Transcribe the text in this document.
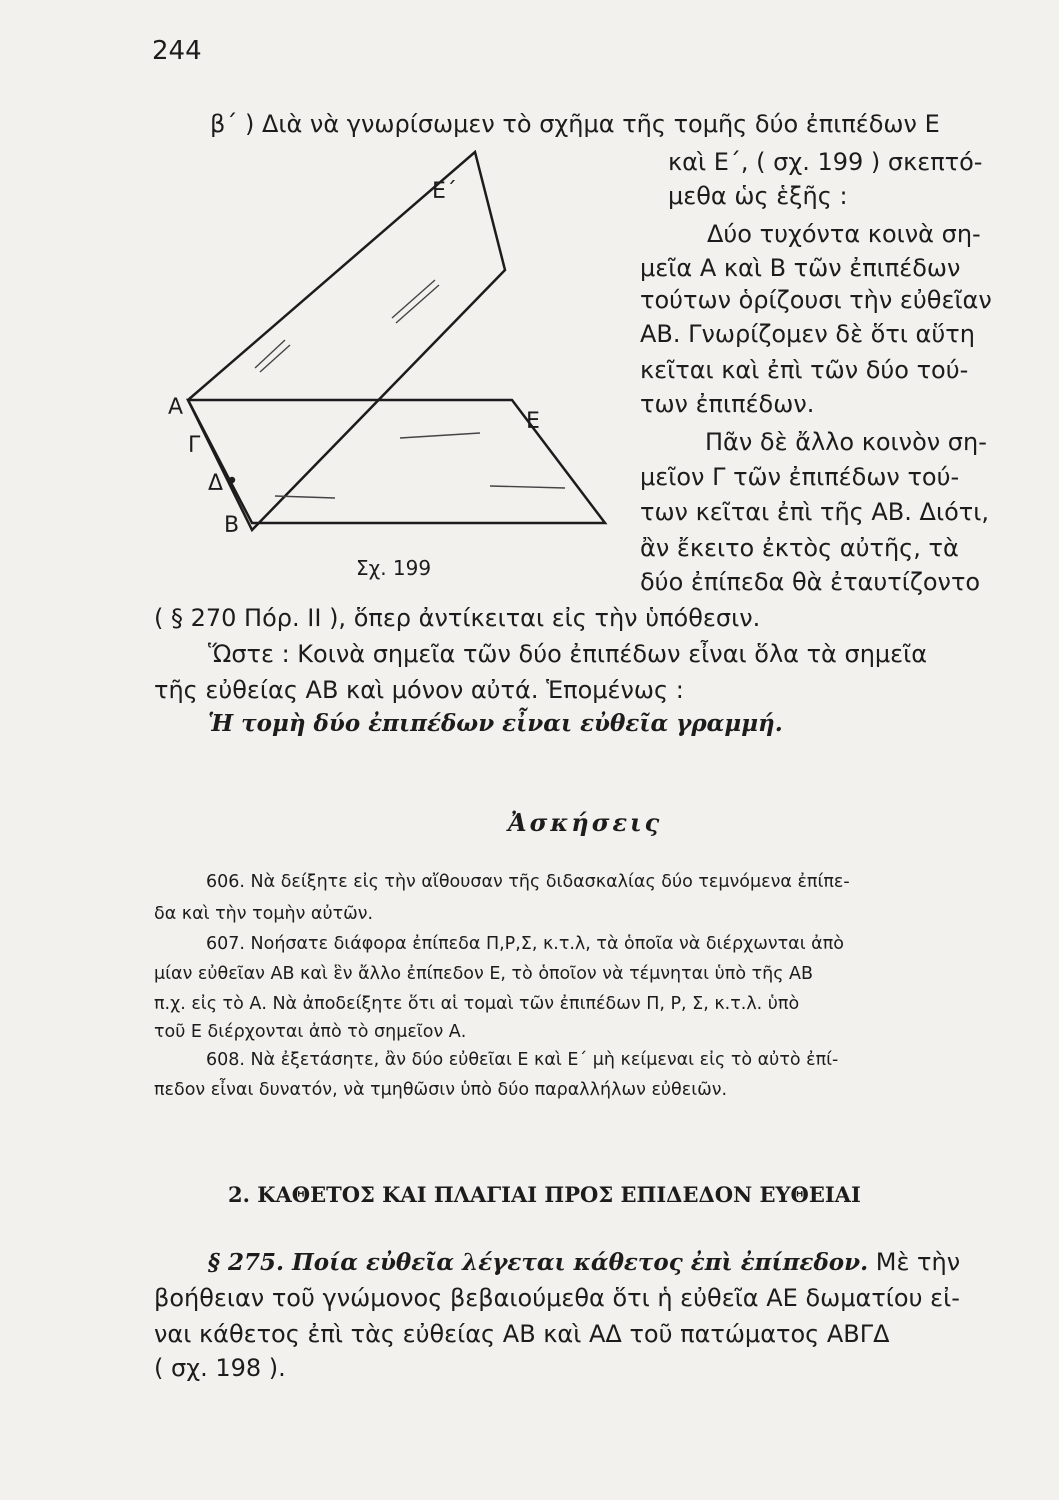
244
β΄ ) Διὰ νὰ γνωρίσωμεν τὸ σχῆμα τῆς τομῆς δύο ἐπιπέδων Ε
καὶ Ε΄, ( σχ. 199 ) σκεπτό-
μεθα ὡς ἑξῆς :
Δύο τυχόντα κοινὰ ση-
μεῖα Α καὶ Β τῶν ἐπιπέδων
τούτων ὁρίζουσι τὴν εὐθεῖαν
ΑΒ. Γνωρίζομεν δὲ ὅτι αὕτη
κεῖται καὶ ἐπὶ τῶν δύο τού-
των ἐπιπέδων.
Πᾶν δὲ ἄλλο κοινὸν ση-
μεῖον Γ τῶν ἐπιπέδων τού-
των κεῖται ἐπὶ τῆς ΑΒ. Διότι,
ἂν ἔκειτο ἐκτὸς αὐτῆς, τὰ
δύο ἐπίπεδα θὰ ἐταυτίζοντο
( § 270 Πόρ. ΙΙ ), ὅπερ ἀντίκειται εἰς τὴν ὑπόθεσιν.
Ὥστε : Κοινὰ σημεῖα τῶν δύο ἐπιπέδων εἶναι ὅλα τὰ σημεῖα
τῆς εὐθείας ΑΒ καὶ μόνον αὐτά. Ἑπομένως :
Ἡ τομὴ δύο ἐπιπέδων εἶναι εὐθεῖα γραμμή.
Ε΄
Ε
Α
Γ
Δ
Β
Σχ. 199
Ἀσκήσεις
606. Νὰ δείξητε εἰς τὴν αἴθουσαν τῆς διδασκαλίας δύο τεμνόμενα ἐπίπε-
δα καὶ τὴν τομὴν αὐτῶν.
607. Νοήσατε διάφορα ἐπίπεδα Π,Ρ,Σ, κ.τ.λ, τὰ ὁποῖα νὰ διέρχωνται ἀπὸ
μίαν εὐθεῖαν ΑΒ καὶ ἓν ἄλλο ἐπίπεδον Ε, τὸ ὁποῖον νὰ τέμνηται ὑπὸ τῆς ΑΒ
π.χ. εἰς τὸ Α. Νὰ ἀποδείξητε ὅτι αἱ τομαὶ τῶν ἐπιπέδων Π, Ρ, Σ, κ.τ.λ. ὑπὸ
τοῦ Ε διέρχονται ἀπὸ τὸ σημεῖον Α.
608. Νὰ ἐξετάσητε, ἂν δύο εὐθεῖαι Ε καὶ Ε΄ μὴ κείμεναι εἰς τὸ αὐτὸ ἐπί-
πεδον εἶναι δυνατόν, νὰ τμηθῶσιν ὑπὸ δύο παραλλήλων εὐθειῶν.
2. ΚΑΘΕΤΟΣ ΚΑΙ ΠΛΑΓΙΑΙ ΠΡΟΣ ΕΠΙΔΕΔΟΝ ΕΥΘΕΙΑΙ
§ 275. Ποία εὐθεῖα λέγεται κάθετος ἐπὶ ἐπίπεδον. Μὲ τὴν
βοήθειαν τοῦ γνώμονος βεβαιούμεθα ὅτι ἡ εὐθεῖα ΑΕ δωματίου εἰ-
ναι κάθετος ἐπὶ τὰς εὐθείας ΑΒ καὶ ΑΔ τοῦ πατώματος ΑΒΓΔ
( σχ. 198 ).
